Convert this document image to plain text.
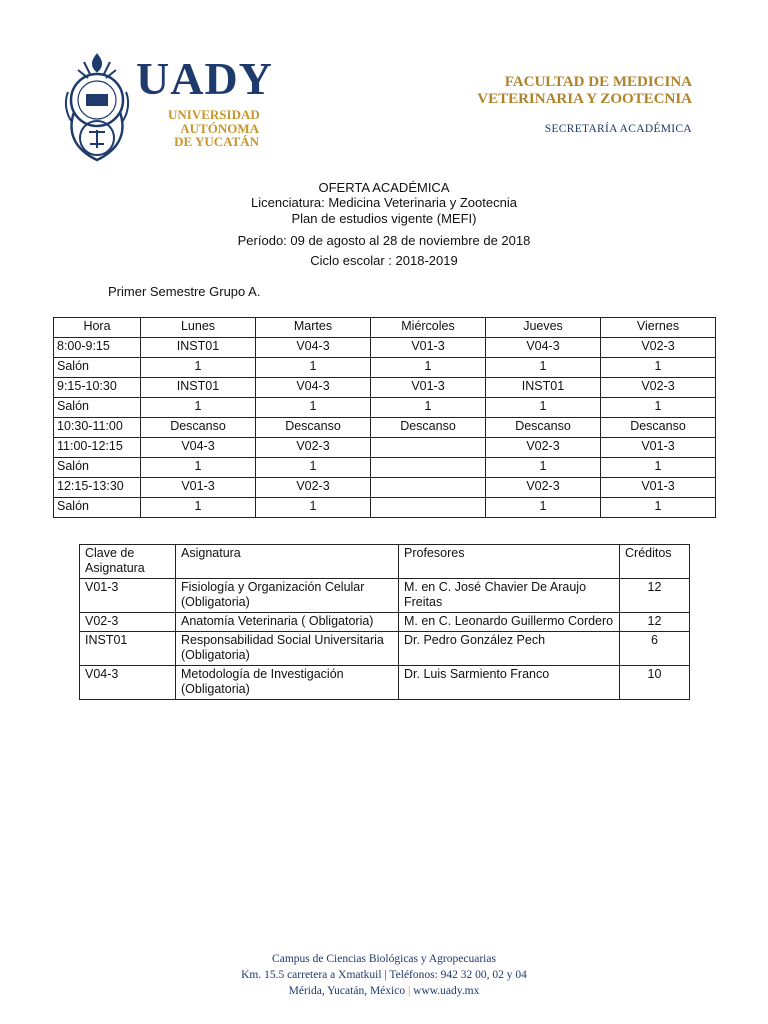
UADY
UNIVERSIDAD
AUTÓNOMA
DE YUCATÁN
FACULTAD DE MEDICINA
VETERINARIA Y ZOOTECNIA
SECRETARÍA ACADÉMICA
OFERTA ACADÉMICA
Licenciatura: Medicina Veterinaria y Zootecnia
Plan de estudios vigente (MEFI)
Período: 09 de agosto al 28 de noviembre de 2018
Ciclo escolar : 2018-2019
Primer Semestre Grupo A.
Hora	Lunes	Martes	Miércoles	Jueves	Viernes
8:00-9:15	INST01	V04-3	V01-3	V04-3	V02-3
Salón	1	1	1	1	1
9:15-10:30	INST01	V04-3	V01-3	INST01	V02-3
Salón	1	1	1	1	1
10:30-11:00	Descanso	Descanso	Descanso	Descanso	Descanso
11:00-12:15	V04-3	V02-3		V02-3	V01-3
Salón	1	1		1	1
12:15-13:30	V01-3	V02-3		V02-3	V01-3
Salón	1	1		1	1
Clave de Asignatura	Asignatura	Profesores	Créditos
V01-3	Fisiología y Organización Celular (Obligatoria)	M. en C. José Chavier De Araujo Freitas	12
V02-3	Anatomía Veterinaria ( Obligatoria)	M. en C. Leonardo Guillermo Cordero	12
INST01	Responsabilidad Social Universitaria (Obligatoria)	Dr. Pedro González Pech	6
V04-3	Metodología de Investigación (Obligatoria)	Dr. Luis Sarmiento Franco	10
Campus de Ciencias Biológicas y Agropecuarias
Km. 15.5 carretera a Xmatkuil | Teléfonos: 942 32 00, 02 y 04
Mérida, Yucatán, México | www.uady.mx
